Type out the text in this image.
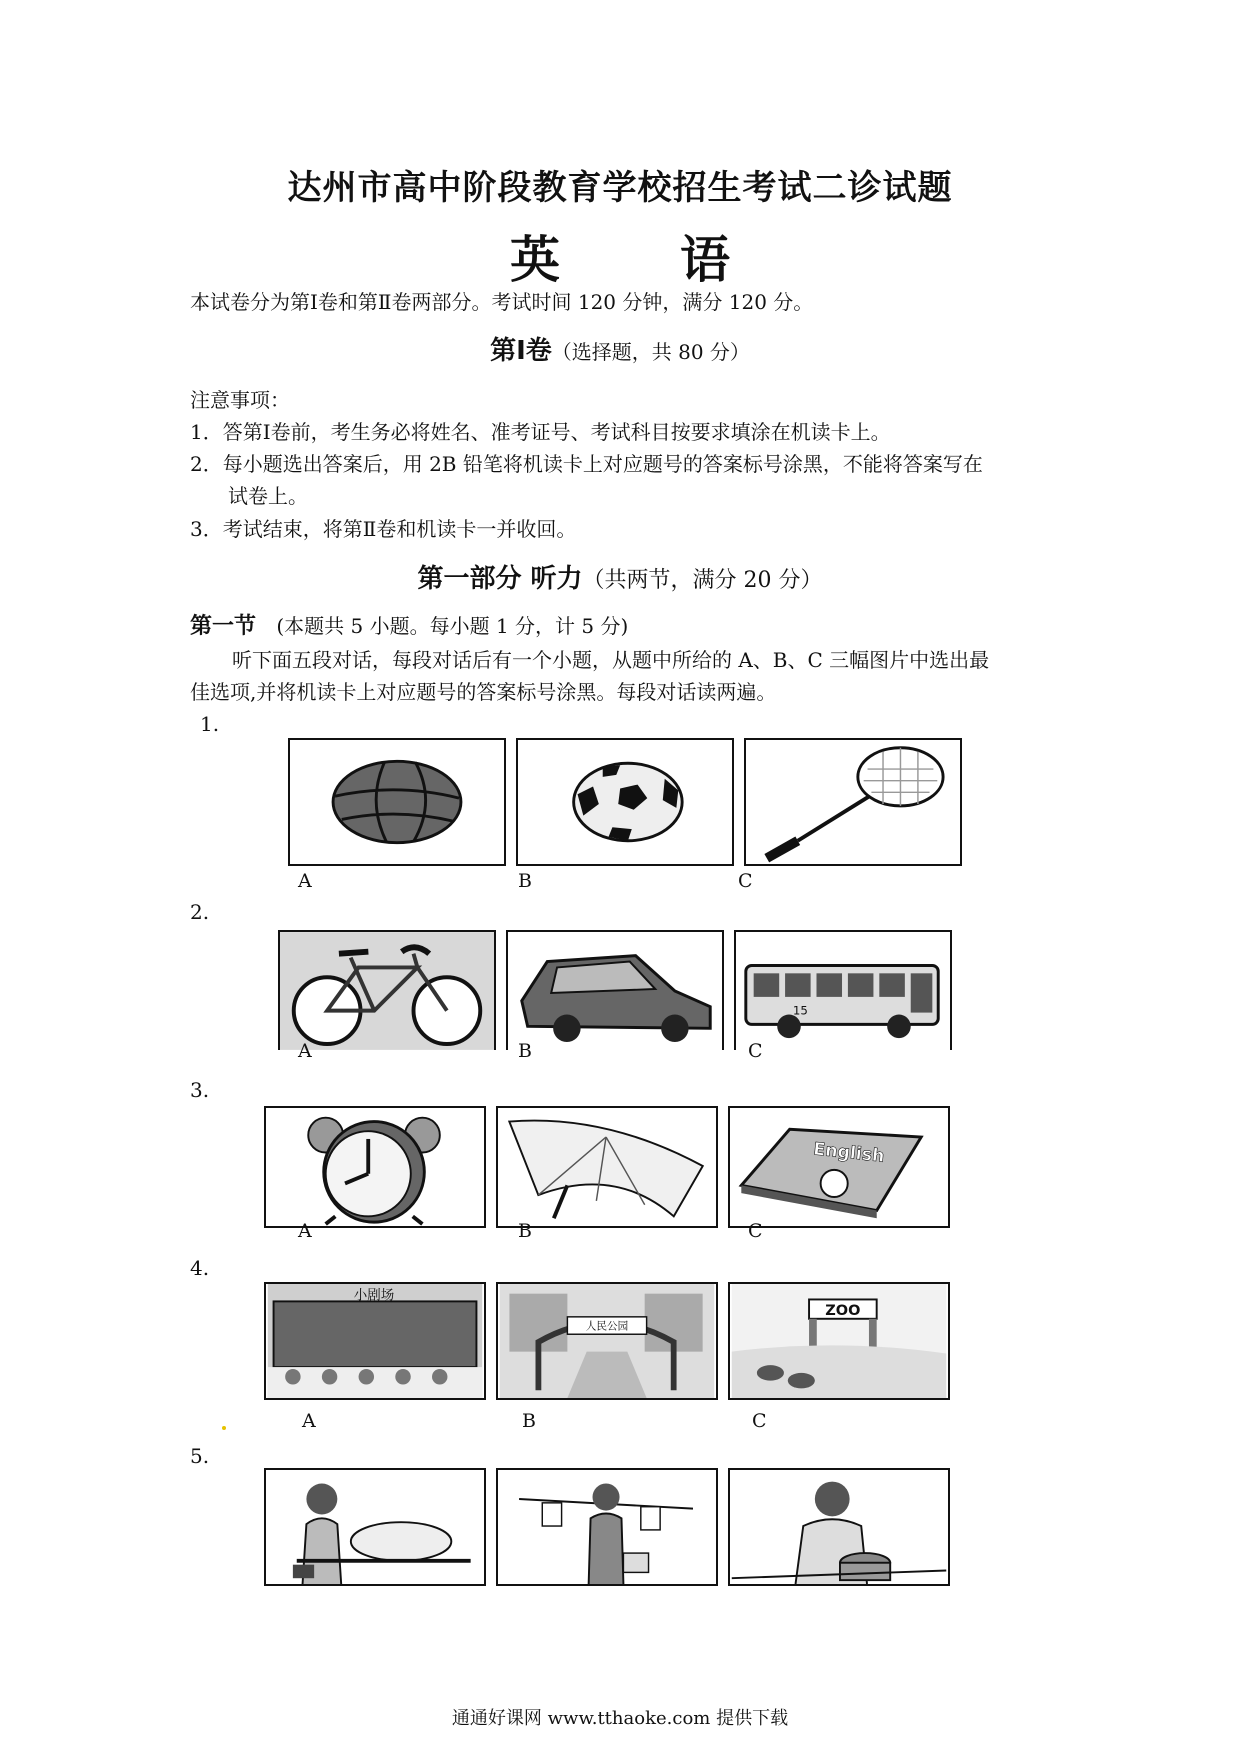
达州市高中阶段教育学校招生考试二诊试题
英语
本试卷分为第Ⅰ卷和第Ⅱ卷两部分。考试时间 120 分钟，满分 120 分。
第Ⅰ卷（选择题，共 80 分）
注意事项：
1．答第Ⅰ卷前，考生务必将姓名、准考证号、考试科目按要求填涂在机读卡上。
2．每小题选出答案后，用 2B 铅笔将机读卡上对应题号的答案标号涂黑，不能将答案写在
试卷上。
3．考试结束，将第Ⅱ卷和机读卡一并收回。
第一部分 听力（共两节，满分 20 分）
第一节 (本题共 5 小题。每小题 1 分，计 5 分)
听下面五段对话，每段对话后有一个小题，从题中所给的 A、B、C 三幅图片中选出最
佳选项,并将机读卡上对应题号的答案标号涂黑。每段对话读两遍。
1.
A	B	C
2.
15
A	B	C
3.
English
A	B	C
4.
小剧场
人民公园
ZOO
A	B	C
5.
通通好课网 www.tthaoke.com 提供下载
